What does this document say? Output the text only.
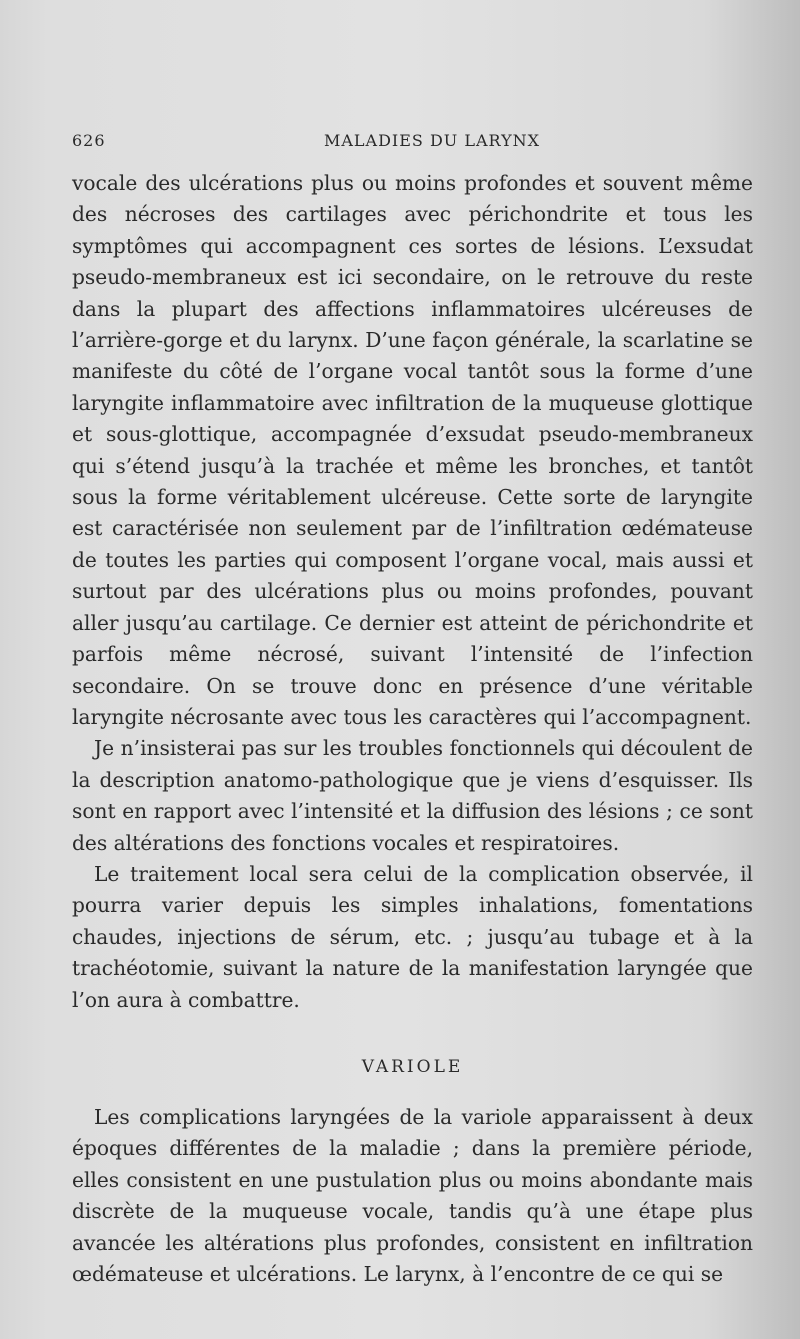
626	MALADIES DU LARYNX

vocale des ulcérations plus ou moins profondes et souvent même des nécroses des cartilages avec périchondrite et tous les symptômes qui accompagnent ces sortes de lésions. L’exsudat pseudo-membraneux est ici secondaire, on le retrouve du reste dans la plupart des affections inflammatoires ulcéreuses de l’arrière-gorge et du larynx. D’une façon générale, la scarlatine se manifeste du côté de l’organe vocal tantôt sous la forme d’une laryngite inflammatoire avec infiltration de la muqueuse glottique et sous-glottique, accompagnée d’exsudat pseudo-membraneux qui s’étend jusqu’à la trachée et même les bronches, et tantôt sous la forme véritablement ulcéreuse. Cette sorte de laryngite est caractérisée non seulement par de l’infiltration œdémateuse de toutes les parties qui composent l’organe vocal, mais aussi et surtout par des ulcérations plus ou moins profondes, pouvant aller jusqu’au cartilage. Ce dernier est atteint de périchondrite et parfois même nécrosé, suivant l’intensité de l’infection secondaire. On se trouve donc en présence d’une véritable laryngite nécrosante avec tous les caractères qui l’accompagnent.

Je n’insisterai pas sur les troubles fonctionnels qui découlent de la description anatomo-pathologique que je viens d’esquisser. Ils sont en rapport avec l’intensité et la diffusion des lésions ; ce sont des altérations des fonctions vocales et respiratoires.

Le traitement local sera celui de la complication observée, il pourra varier depuis les simples inhalations, fomentations chaudes, injections de sérum, etc. ; jusqu’au tubage et à la trachéotomie, suivant la nature de la manifestation laryngée que l’on aura à combattre.

VARIOLE

Les complications laryngées de la variole apparaissent à deux époques différentes de la maladie ; dans la première période, elles consistent en une pustulation plus ou moins abondante mais discrète de la muqueuse vocale, tandis qu’à une étape plus avancée les altérations plus profondes, consistent en infiltration œdémateuse et ulcérations. Le larynx, à l’encontre de ce qui se
